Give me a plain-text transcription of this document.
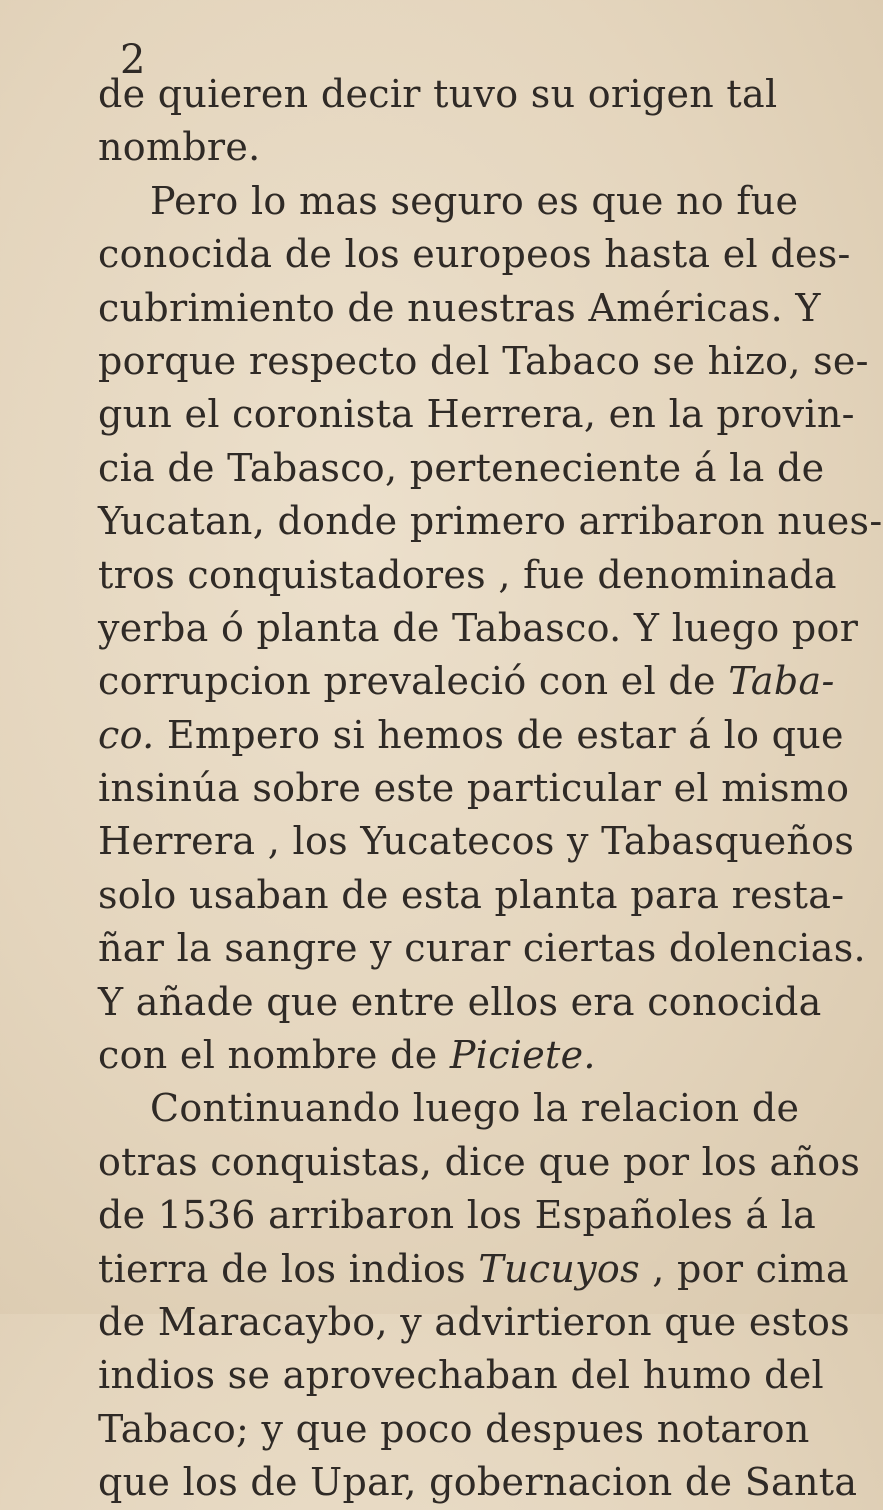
2
de quieren decir tuvo su origen tal
nombre.
Pero lo mas seguro es que no fue
conocida de los europeos hasta el des-
cubrimiento de nuestras Américas. Y
porque respecto del Tabaco se hizo, se-
gun el coronista Herrera, en la provin-
cia de Tabasco, perteneciente á la de
Yucatan, donde primero arribaron nues-
tros conquistadores , fue denominada
yerba ó planta de Tabasco. Y luego por
corrupcion prevaleció con el de Taba-
co. Empero si hemos de estar á lo que
insinúa sobre este particular el mismo
Herrera , los Yucatecos y Tabasqueños
solo usaban de esta planta para resta-
ñar la sangre y curar ciertas dolencias.
Y añade que entre ellos era conocida
con el nombre de Piciete.
Continuando luego la relacion de
otras conquistas, dice que por los años
de 1536 arribaron los Españoles á la
tierra de los indios Tucuyos , por cima
de Maracaybo, y advirtieron que estos
indios se aprovechaban del humo del
Tabaco; y que poco despues notaron
que los de Upar, gobernacion de Santa
